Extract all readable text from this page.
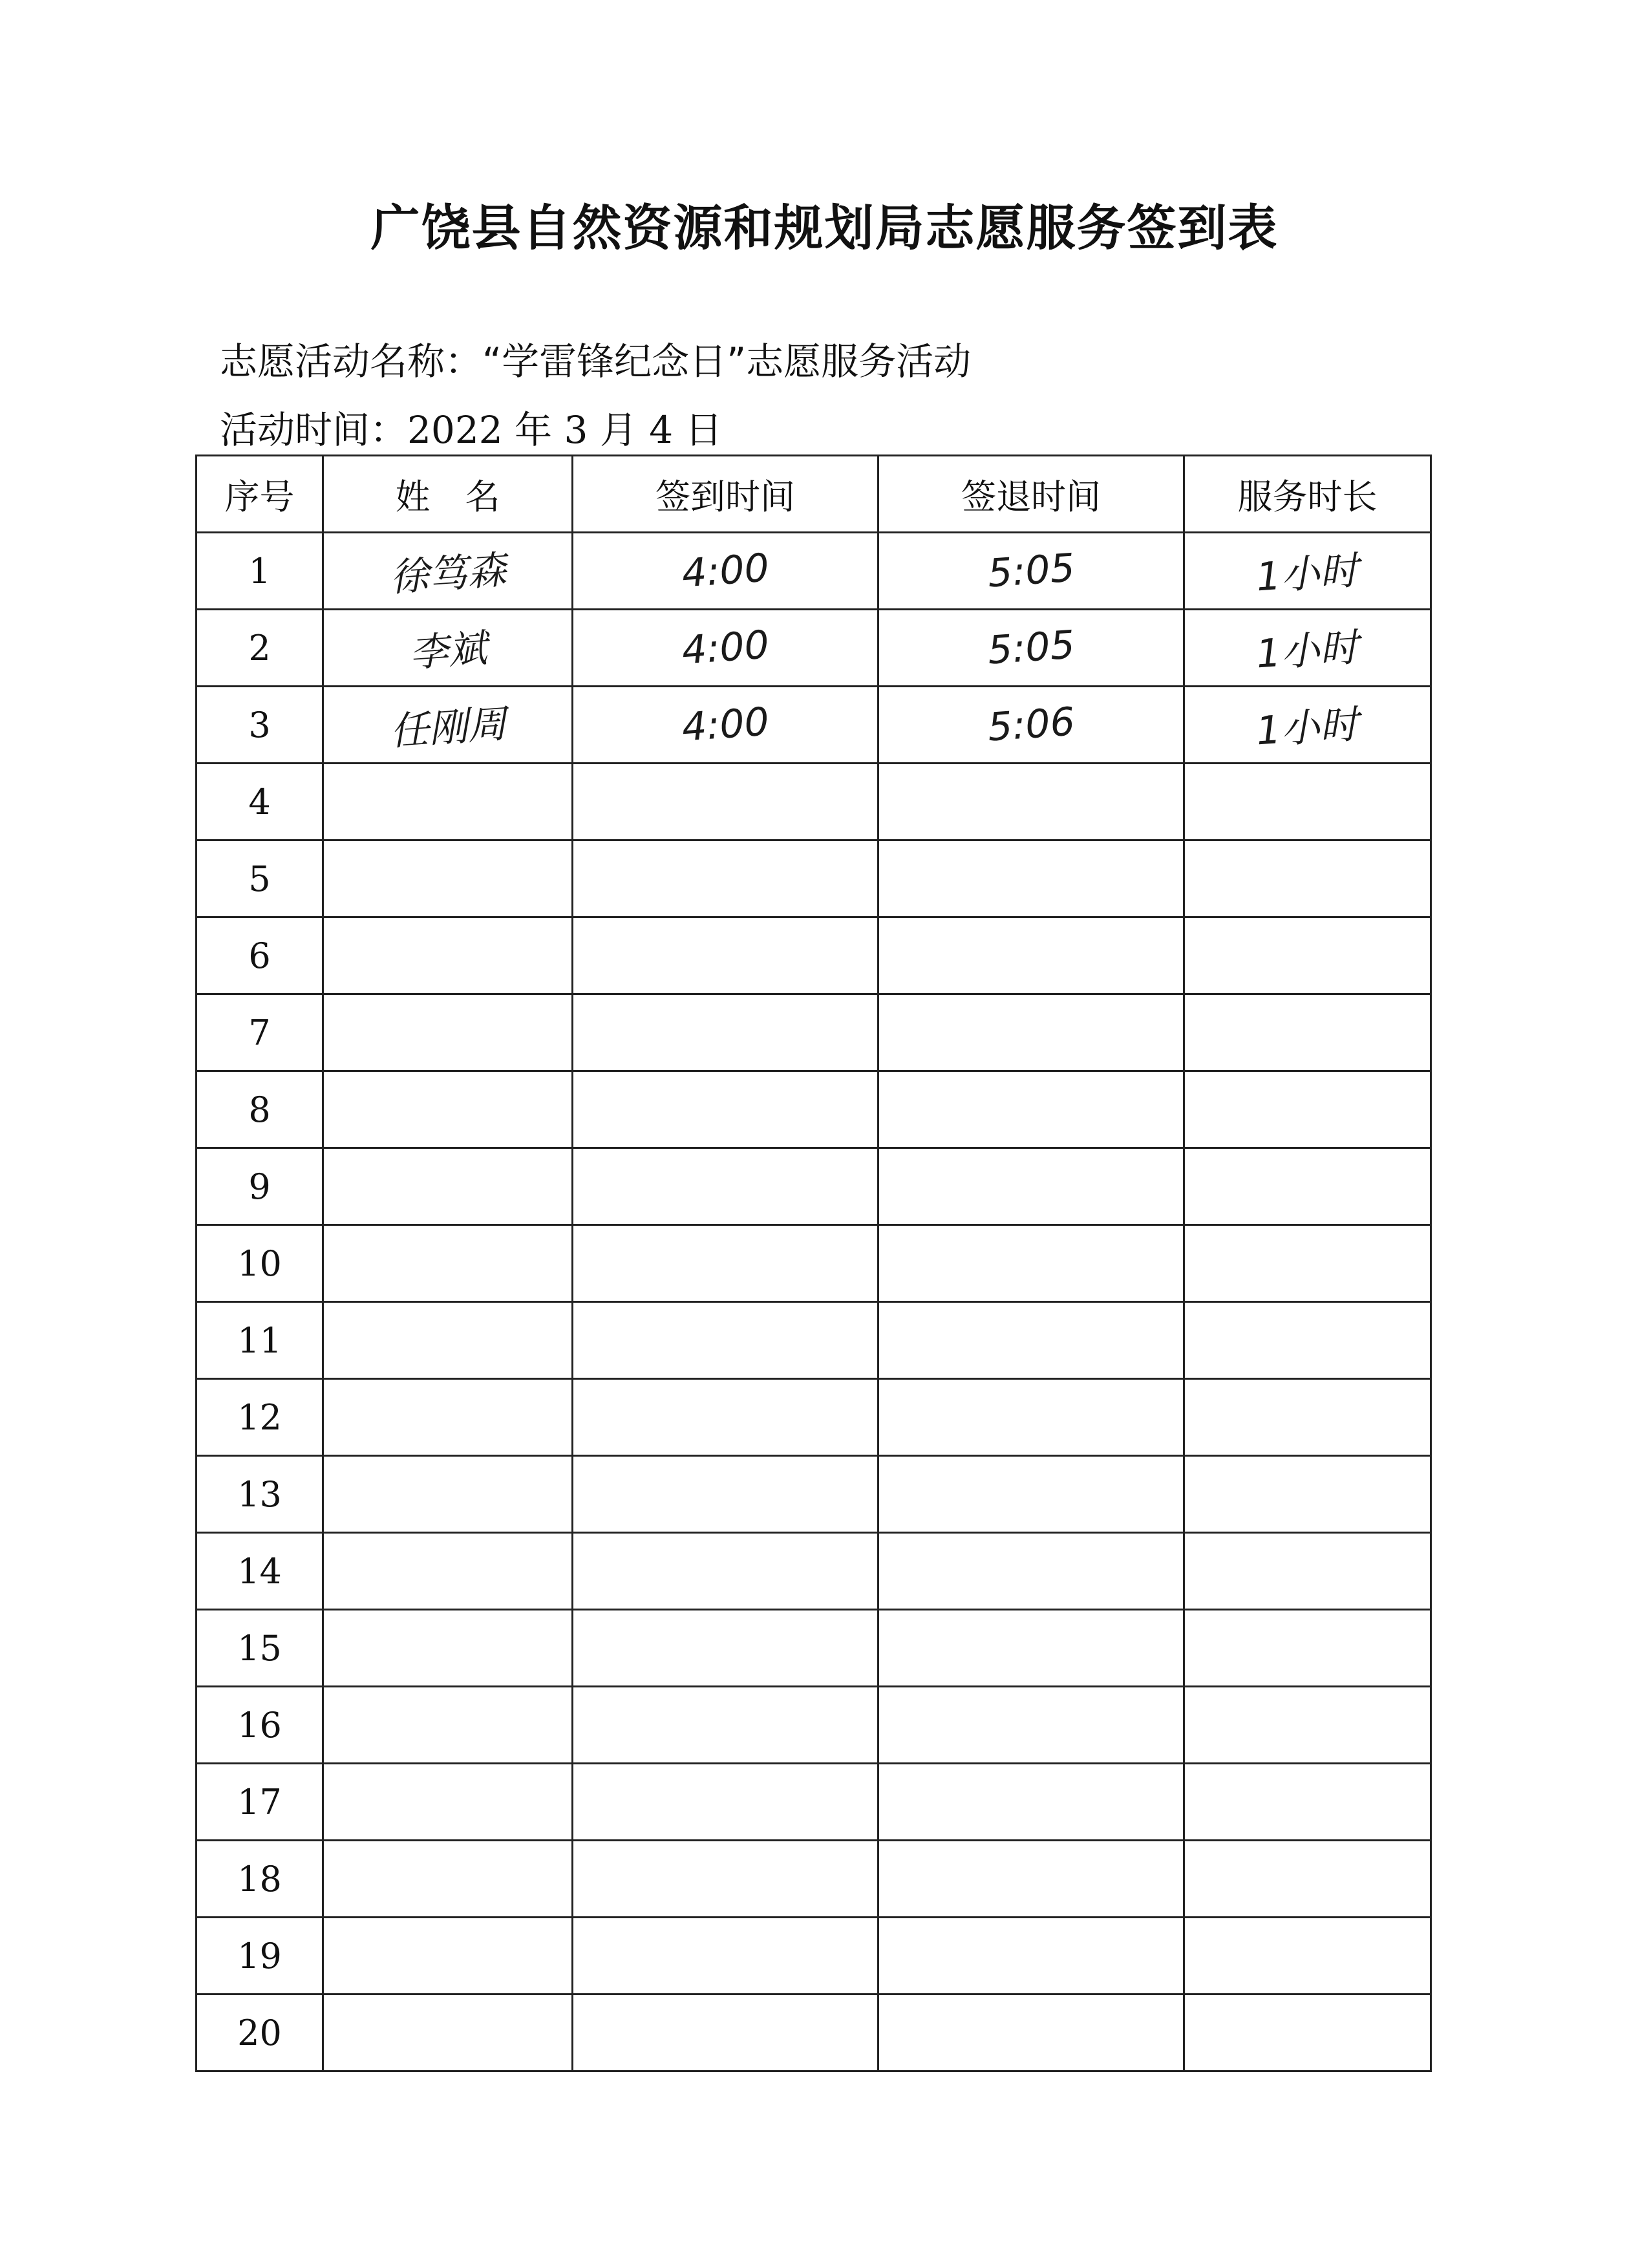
广饶县自然资源和规划局志愿服务签到表
志愿活动名称：“学雷锋纪念日”志愿服务活动
活动时间：2022 年 3 月 4 日
序号	姓　名	签到时间	签退时间	服务时长
1	徐笃森	4:00	5:05	1小时
2	李斌	4:00	5:05	1小时
3	任刚周	4:00	5:06	1小时
4				
5				
6				
7				
8				
9				
10				
11				
12				
13				
14				
15				
16				
17				
18				
19				
20				
